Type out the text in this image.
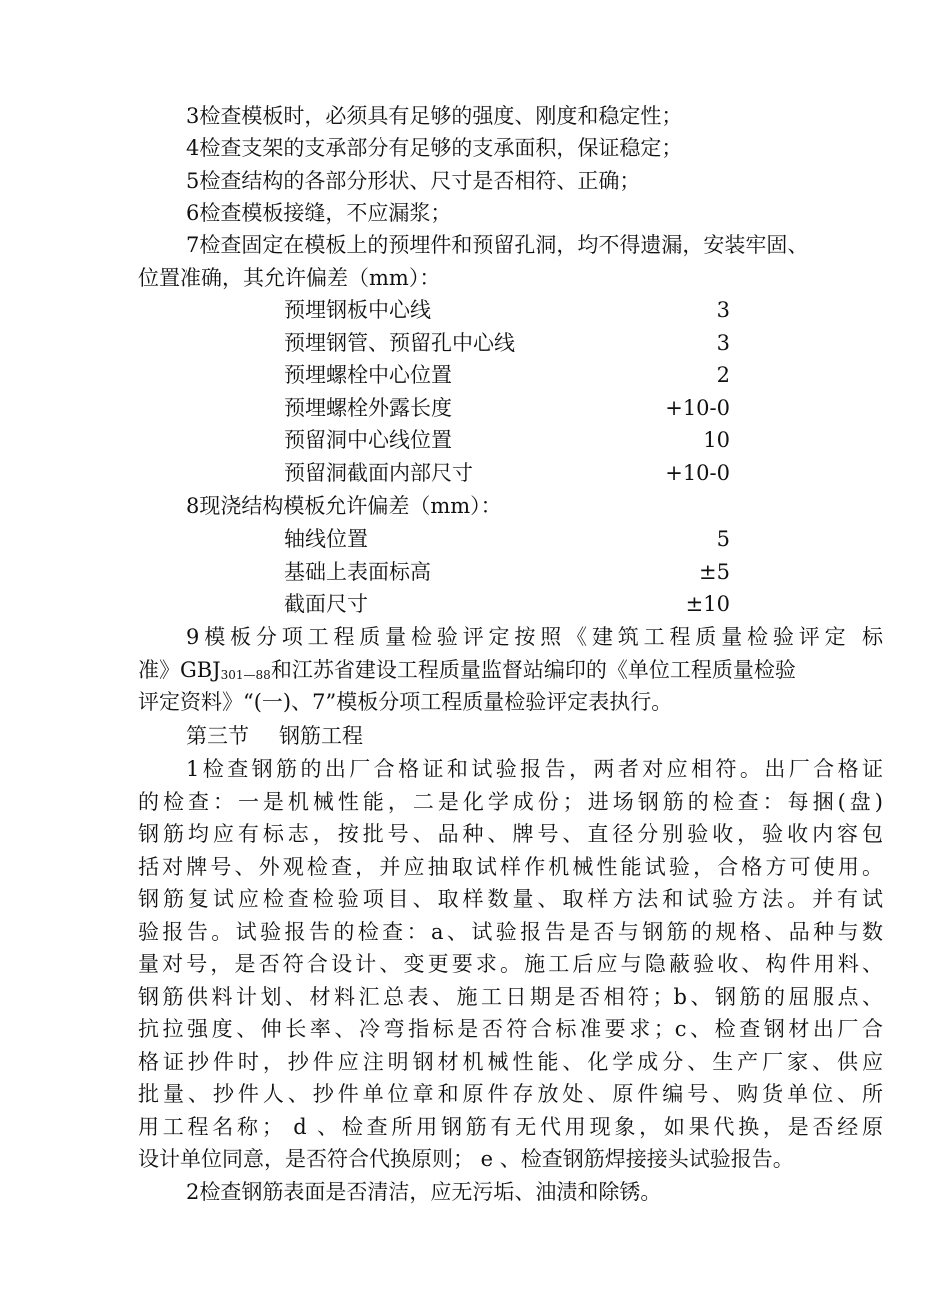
3检查模板时，必须具有足够的强度、刚度和稳定性；
4检查支架的支承部分有足够的支承面积，保证稳定；
5检查结构的各部分形状、尺寸是否相符、正确；
6检查模板接缝，不应漏浆；
7检查固定在模板上的预埋件和预留孔洞，均不得遗漏，安装牢固、
位置准确，其允许偏差（mm）：
预埋钢板中心线	3
预埋钢管、预留孔中心线	3
预埋螺栓中心位置	2
预埋螺栓外露长度	+10-0
预留洞中心线位置	10
预留洞截面内部尺寸	+10-0
8现浇结构模板允许偏差（mm）：
轴线位置	5
基础上表面标高	±5
截面尺寸	±10
9模板分项工程质量检验评定按照《建筑工程质量检验评定 标
准》GBJ301—88和江苏省建设工程质量监督站编印的《单位工程质量检验
评定资料》“(一)、7”模板分项工程质量检验评定表执行。
第三节 钢筋工程
1检查钢筋的出厂合格证和试验报告，两者对应相符。出厂合格证
的检查：一是机械性能，二是化学成份；进场钢筋的检查：每捆(盘)
钢筋均应有标志，按批号、品种、牌号、直径分别验收，验收内容包
括对牌号、外观检查，并应抽取试样作机械性能试验，合格方可使用。
钢筋复试应检查检验项目、取样数量、取样方法和试验方法。并有试
验报告。试验报告的检查：a、试验报告是否与钢筋的规格、品种与数
量对号，是否符合设计、变更要求。施工后应与隐蔽验收、构件用料、
钢筋供料计划、材料汇总表、施工日期是否相符；b、钢筋的屈服点、
抗拉强度、伸长率、冷弯指标是否符合标准要求；c、检查钢材出厂合
格证抄件时，抄件应注明钢材机械性能、化学成分、生产厂家、供应
批量、抄件人、抄件单位章和原件存放处、原件编号、购货单位、所
用工程名称； d 、检查所用钢筋有无代用现象，如果代换，是否经原
设计单位同意，是否符合代换原则； e 、检查钢筋焊接接头试验报告。
2检查钢筋表面是否清洁，应无污垢、油渍和除锈。
